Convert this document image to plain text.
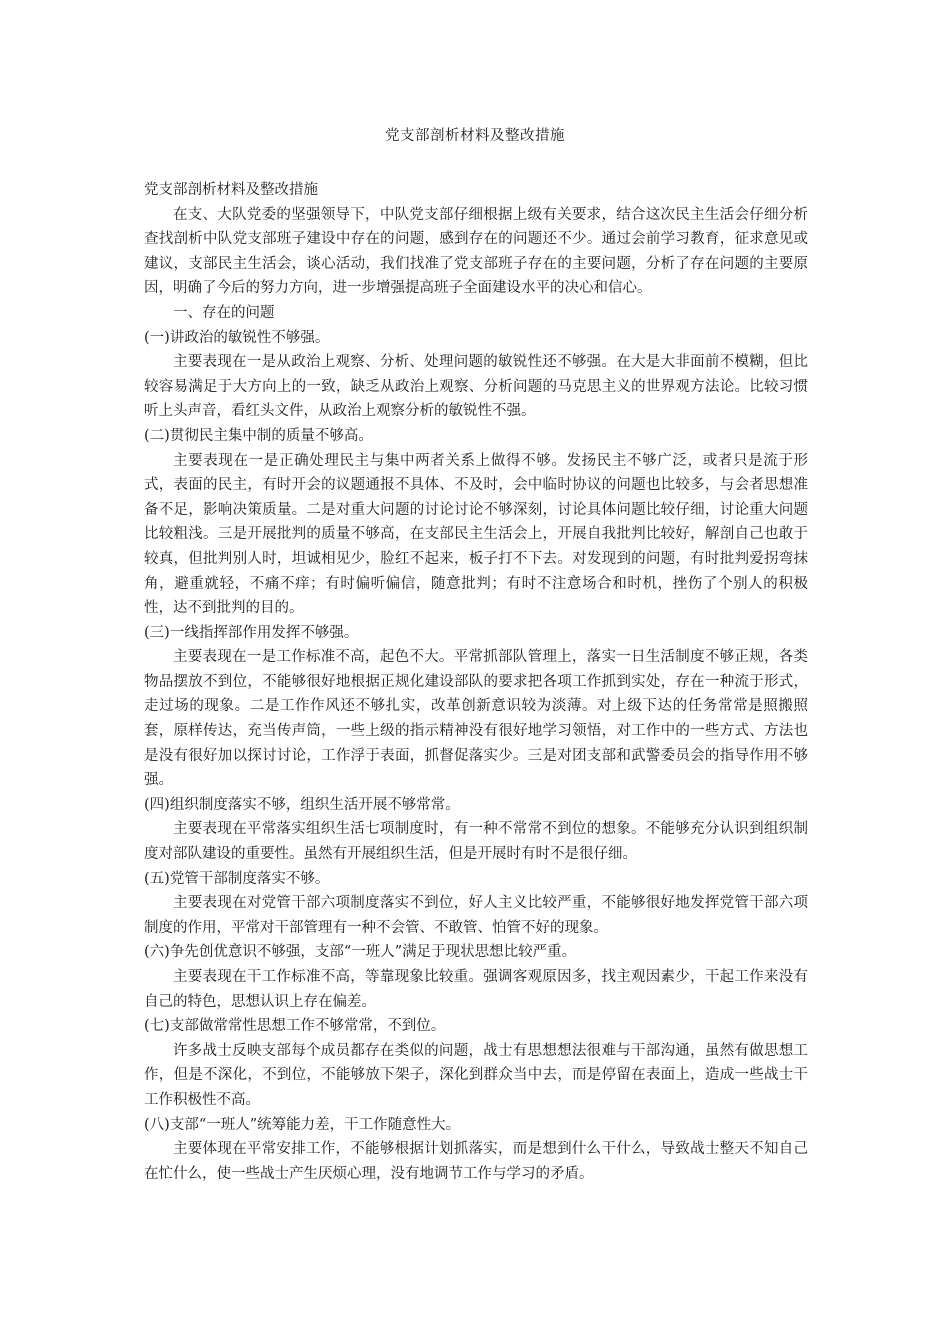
党支部剖析材料及整改措施

党支部剖析材料及整改措施

在支、大队党委的坚强领导下，中队党支部仔细根据上级有关要求，结合这次民主生活会仔细分析查找剖析中队党支部班子建设中存在的问题，感到存在的问题还不少。通过会前学习教育，征求意见或建议，支部民主生活会，谈心活动，我们找准了党支部班子存在的主要问题，分析了存在问题的主要原因，明确了今后的努力方向，进一步增强提高班子全面建设水平的决心和信心。

一、存在的问题

(一)讲政治的敏锐性不够强。

主要表现在一是从政治上观察、分析、处理问题的敏锐性还不够强。在大是大非面前不模糊，但比较容易满足于大方向上的一致，缺乏从政治上观察、分析问题的马克思主义的世界观方法论。比较习惯听上头声音，看红头文件，从政治上观察分析的敏锐性不强。

(二)贯彻民主集中制的质量不够高。

主要表现在一是正确处理民主与集中两者关系上做得不够。发扬民主不够广泛，或者只是流于形式，表面的民主，有时开会的议题通报不具体、不及时，会中临时协议的问题也比较多，与会者思想准备不足，影响决策质量。二是对重大问题的讨论讨论不够深刻，讨论具体问题比较仔细，讨论重大问题比较粗浅。三是开展批判的质量不够高，在支部民主生活会上，开展自我批判比较好，解剖自己也敢于较真，但批判别人时，坦诚相见少，脸红不起来，板子打不下去。对发现到的问题，有时批判爱拐弯抹角，避重就轻，不痛不痒；有时偏听偏信，随意批判；有时不注意场合和时机，挫伤了个别人的积极性，达不到批判的目的。

(三)一线指挥部作用发挥不够强。

主要表现在一是工作标准不高，起色不大。平常抓部队管理上，落实一日生活制度不够正规，各类物品摆放不到位，不能够很好地根据正规化建设部队的要求把各项工作抓到实处，存在一种流于形式，走过场的现象。二是工作作风还不够扎实，改革创新意识较为淡薄。对上级下达的任务常常是照搬照套，原样传达，充当传声筒，一些上级的指示精神没有很好地学习领悟，对工作中的一些方式、方法也是没有很好加以探讨讨论，工作浮于表面，抓督促落实少。三是对团支部和武警委员会的指导作用不够强。

(四)组织制度落实不够，组织生活开展不够常常。

主要表现在平常落实组织生活七项制度时，有一种不常常不到位的想象。不能够充分认识到组织制度对部队建设的重要性。虽然有开展组织生活，但是开展时有时不是很仔细。

(五)党管干部制度落实不够。

主要表现在对党管干部六项制度落实不到位，好人主义比较严重，不能够很好地发挥党管干部六项制度的作用，平常对干部管理有一种不会管、不敢管、怕管不好的现象。

(六)争先创优意识不够强，支部“一班人”满足于现状思想比较严重。

主要表现在干工作标准不高，等靠现象比较重。强调客观原因多，找主观因素少，干起工作来没有自己的特色，思想认识上存在偏差。

(七)支部做常常性思想工作不够常常，不到位。

许多战士反映支部每个成员都存在类似的问题，战士有思想想法很难与干部沟通，虽然有做思想工作，但是不深化，不到位，不能够放下架子，深化到群众当中去，而是停留在表面上，造成一些战士干工作积极性不高。

(八)支部“一班人”统筹能力差，干工作随意性大。

主要体现在平常安排工作，不能够根据计划抓落实，而是想到什么干什么，导致战士整天不知自己在忙什么，使一些战士产生厌烦心理，没有地调节工作与学习的矛盾。
